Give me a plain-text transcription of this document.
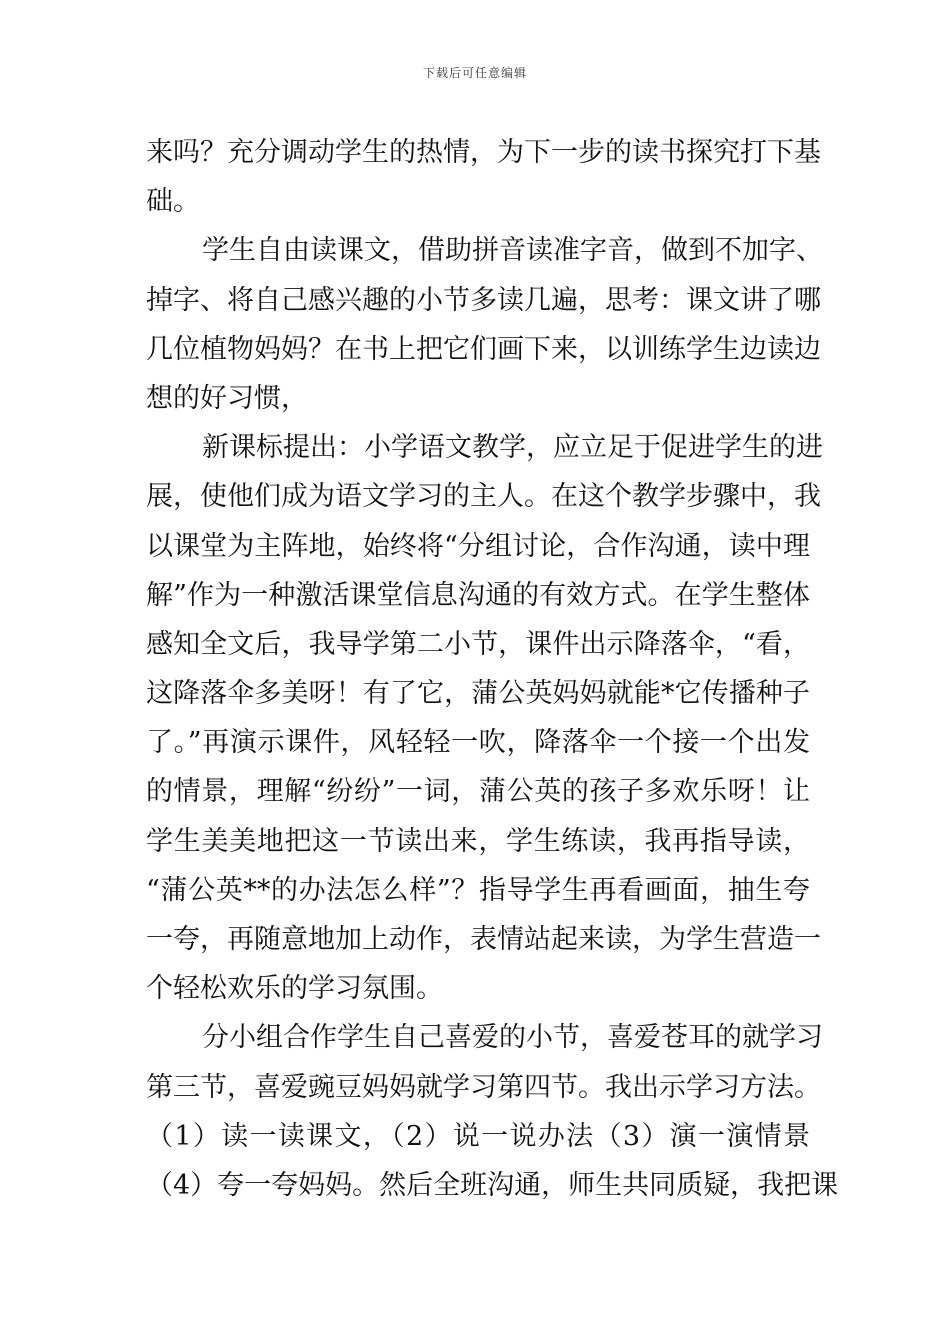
下载后可任意编辑
来吗？充分调动学生的热情，为下一步的读书探究打下基
础。
学生自由读课文，借助拼音读准字音，做到不加字、
掉字、将自己感兴趣的小节多读几遍，思考：课文讲了哪
几位植物妈妈？在书上把它们画下来，以训练学生边读边
想的好习惯，
新课标提出：小学语文教学，应立足于促进学生的进
展，使他们成为语文学习的主人。在这个教学步骤中，我
以课堂为主阵地，始终将“分组讨论，合作沟通，读中理
解”作为一种激活课堂信息沟通的有效方式。在学生整体
感知全文后，我导学第二小节，课件出示降落伞，“看，
这降落伞多美呀！有了它，蒲公英妈妈就能*它传播种子
了。”再演示课件，风轻轻一吹，降落伞一个接一个出发
的情景，理解“纷纷”一词，蒲公英的孩子多欢乐呀！让
学生美美地把这一节读出来，学生练读，我再指导读，
“蒲公英**的办法怎么样”？指导学生再看画面，抽生夸
一夸，再随意地加上动作，表情站起来读，为学生营造一
个轻松欢乐的学习氛围。
分小组合作学生自己喜爱的小节，喜爱苍耳的就学习
第三节，喜爱豌豆妈妈就学习第四节。我出示学习方法。
（1）读一读课文，（2）说一说办法（3）演一演情景
（4）夸一夸妈妈。然后全班沟通，师生共同质疑，我把课
